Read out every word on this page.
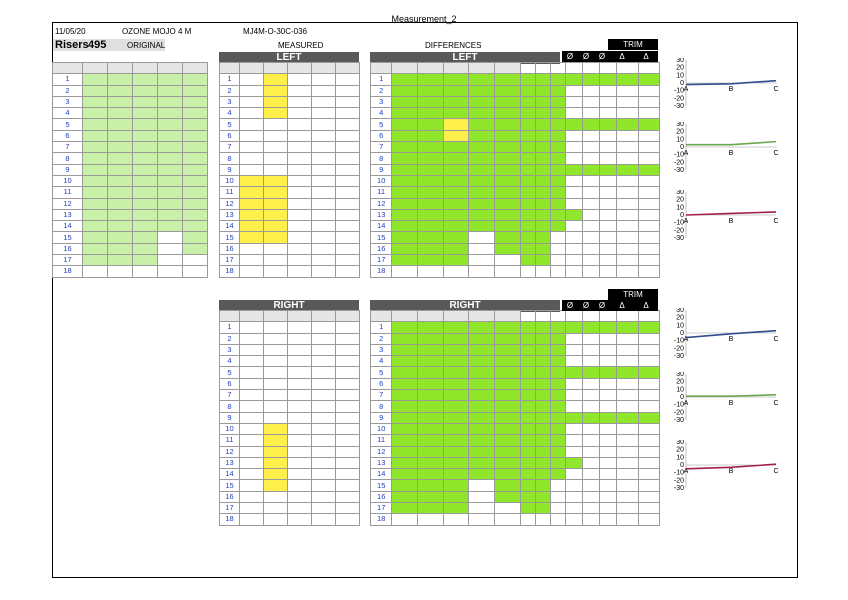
Measurement_2
11/05/20	OZONE MOJO 4 M	MJ4M-O-30C-036
Risers 495	ORIGINAL	MEASURED	DIFFERENCES
LEFT	LEFT
TRIM
RIGHT	RIGHT
TRIM

1					
2					
3					
4					
5					
6					
7					
8					
9					
10					
11					
12					
13					
14					
15					
16					
17					
18					

1					
2					
3					
4					
5					
6					
7					
8					
9					
10					
11					
12					
13					
14					
15					
16					
17					
18					

1													
2													
3													
4													
5													
6													
7													
8													
9													
10													
11													
12													
13													
14													
15													
16													
17													
18													

1					
2					
3					
4					
5					
6					
7					
8					
9					
10					
11					
12					
13					
14					
15					
16					
17					
18					

1													
2													
3													
4													
5													
6													
7													
8													
9													
10													
11													
12													
13													
14													
15													
16													
17													
18													
30
20
10
0
-10
-20
-30
A	B	C
30
20
10
0
-10
-20
-30
A	B	C
30
20
10
0
-10
-20
-30
A	B	C
30
20
10
0
-10
-20
-30
A	B	C
30
20
10
0
-10
-20
-30
A	B	C
30
20
10
0
-10
-20
-30
A	B	C
Ø	Ø	Ø	Δ	Δ
Ø	Ø	Ø	Δ	Δ
